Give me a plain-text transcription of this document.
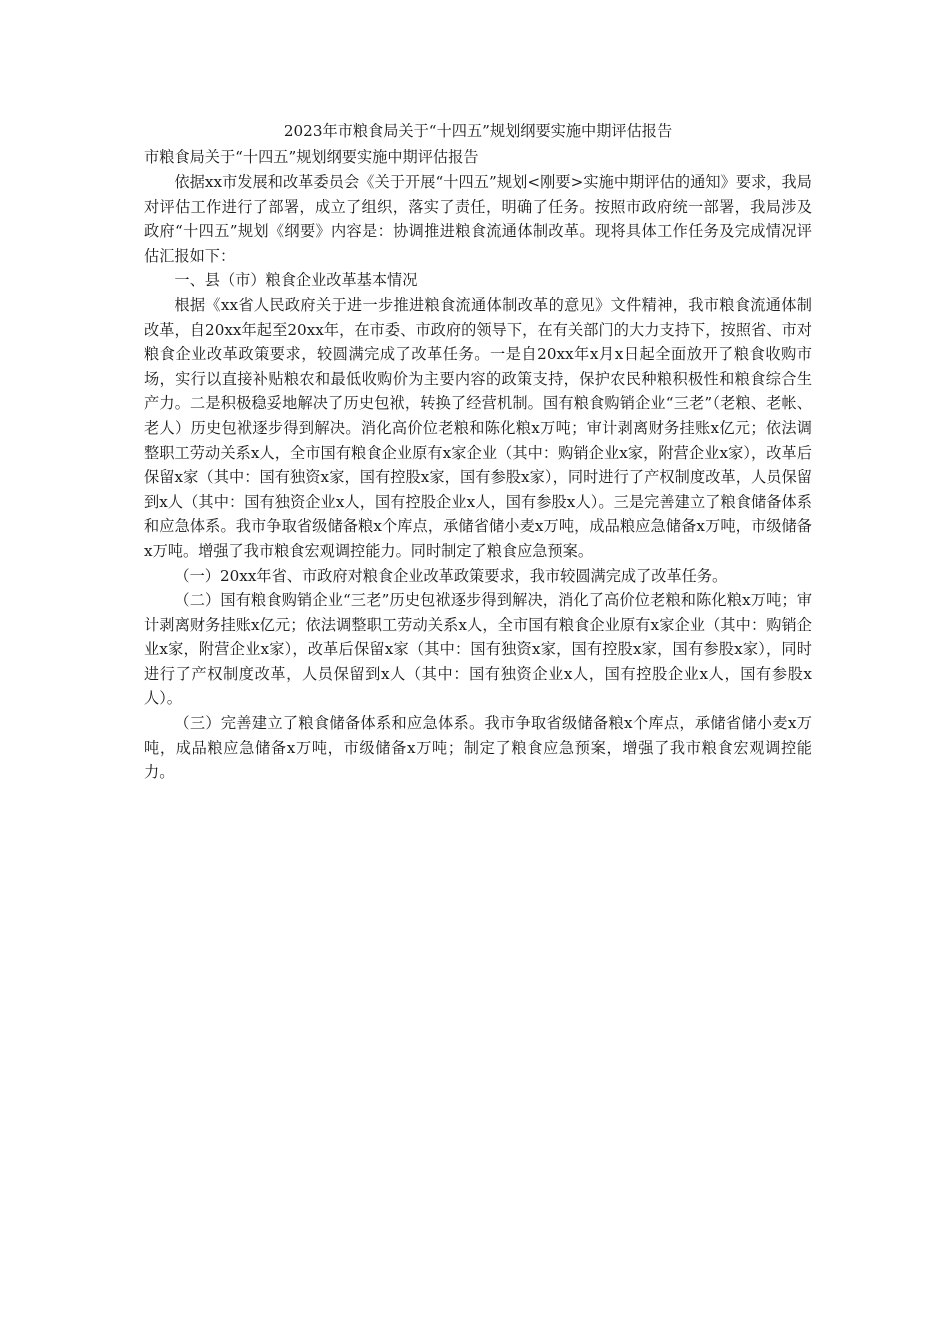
2023年市粮食局关于“十四五”规划纲要实施中期评估报告
市粮食局关于“十四五”规划纲要实施中期评估报告

依据xx市发展和改革委员会《关于开展“十四五”规划<刚要>实施中期评估的通知》要求，我局对评估工作进行了部署，成立了组织，落实了责任，明确了任务。按照市政府统一部署，我局涉及政府“十四五”规划《纲要》内容是：协调推进粮食流通体制改革。现将具体工作任务及完成情况评估汇报如下：

一、县（市）粮食企业改革基本情况

根据《xx省人民政府关于进一步推进粮食流通体制改革的意见》文件精神，我市粮食流通体制改革，自20xx年起至20xx年，在市委、市政府的领导下，在有关部门的大力支持下，按照省、市对粮食企业改革政策要求，较圆满完成了改革任务。一是自20xx年x月x日起全面放开了粮食收购市场，实行以直接补贴粮农和最低收购价为主要内容的政策支持，保护农民种粮积极性和粮食综合生产力。二是积极稳妥地解决了历史包袱，转换了经营机制。国有粮食购销企业“三老”（老粮、老帐、老人）历史包袱逐步得到解决。消化高价位老粮和陈化粮x万吨；审计剥离财务挂账x亿元；依法调整职工劳动关系x人，全市国有粮食企业原有x家企业（其中：购销企业x家，附营企业x家），改革后保留x家（其中：国有独资x家，国有控股x家，国有参股x家），同时进行了产权制度改革，人员保留到x人（其中：国有独资企业x人，国有控股企业x人，国有参股x人）。三是完善建立了粮食储备体系和应急体系。我市争取省级储备粮x个库点，承储省储小麦x万吨，成品粮应急储备x万吨，市级储备x万吨。增强了我市粮食宏观调控能力。同时制定了粮食应急预案。

（一）20xx年省、市政府对粮食企业改革政策要求，我市较圆满完成了改革任务。

（二）国有粮食购销企业“三老”历史包袱逐步得到解决，消化了高价位老粮和陈化粮x万吨；审计剥离财务挂账x亿元；依法调整职工劳动关系x人，全市国有粮食企业原有x家企业（其中：购销企业x家，附营企业x家），改革后保留x家（其中：国有独资x家，国有控股x家，国有参股x家），同时进行了产权制度改革，人员保留到x人（其中：国有独资企业x人，国有控股企业x人，国有参股x人）。

（三）完善建立了粮食储备体系和应急体系。我市争取省级储备粮x个库点，承储省储小麦x万吨，成品粮应急储备x万吨，市级储备x万吨；制定了粮食应急预案，增强了我市粮食宏观调控能力。
